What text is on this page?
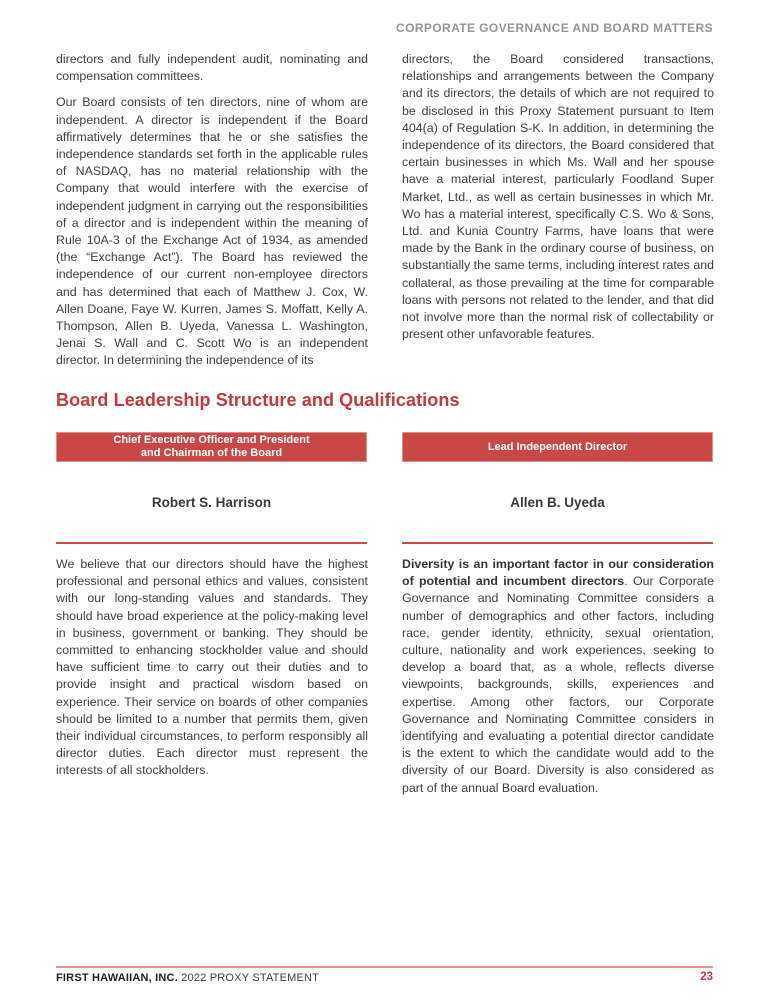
CORPORATE GOVERNANCE AND BOARD MATTERS

directors and fully independent audit, nominating and compensation committees.

Our Board consists of ten directors, nine of whom are independent. A director is independent if the Board affirmatively determines that he or she satisfies the independence standards set forth in the applicable rules of NASDAQ, has no material relationship with the Company that would interfere with the exercise of independent judgment in carrying out the responsibilities of a director and is independent within the meaning of Rule 10A-3 of the Exchange Act of 1934, as amended (the “Exchange Act”). The Board has reviewed the independence of our current non-employee directors and has determined that each of Matthew J. Cox, W. Allen Doane, Faye W. Kurren, James S. Moffatt, Kelly A. Thompson, Allen B. Uyeda, Vanessa L. Washington, Jenai S. Wall and C. Scott Wo is an independent director. In determining the independence of its

directors, the Board considered transactions, relationships and arrangements between the Company and its directors, the details of which are not required to be disclosed in this Proxy Statement pursuant to Item 404(a) of Regulation S-K. In addition, in determining the independence of its directors, the Board considered that certain businesses in which Ms. Wall and her spouse have a material interest, particularly Foodland Super Market, Ltd., as well as certain businesses in which Mr. Wo has a material interest, specifically C.S. Wo & Sons, Ltd. and Kunia Country Farms, have loans that were made by the Bank in the ordinary course of business, on substantially the same terms, including interest rates and collateral, as those prevailing at the time for comparable loans with persons not related to the lender, and that did not involve more than the normal risk of collectability or present other unfavorable features.

Board Leadership Structure and Qualifications
Chief Executive Officer and President
and Chairman of the Board
Lead Independent Director
Robert S. Harrison	Allen B. Uyeda

We believe that our directors should have the highest professional and personal ethics and values, consistent with our long-standing values and standards. They should have broad experience at the policy-making level in business, government or banking. They should be committed to enhancing stockholder value and should have sufficient time to carry out their duties and to provide insight and practical wisdom based on experience. Their service on boards of other companies should be limited to a number that permits them, given their individual circumstances, to perform responsibly all director duties. Each director must represent the interests of all stockholders.

Diversity is an important factor in our consideration of potential and incumbent directors. Our Corporate Governance and Nominating Committee considers a number of demographics and other factors, including race, gender identity, ethnicity, sexual orientation, culture, nationality and work experiences, seeking to develop a board that, as a whole, reflects diverse viewpoints, backgrounds, skills, experiences and expertise. Among other factors, our Corporate Governance and Nominating Committee considers in identifying and evaluating a potential director candidate is the extent to which the candidate would add to the diversity of our Board. Diversity is also considered as part of the annual Board evaluation.

FIRST HAWAIIAN, INC. 2022 PROXY STATEMENT	23
